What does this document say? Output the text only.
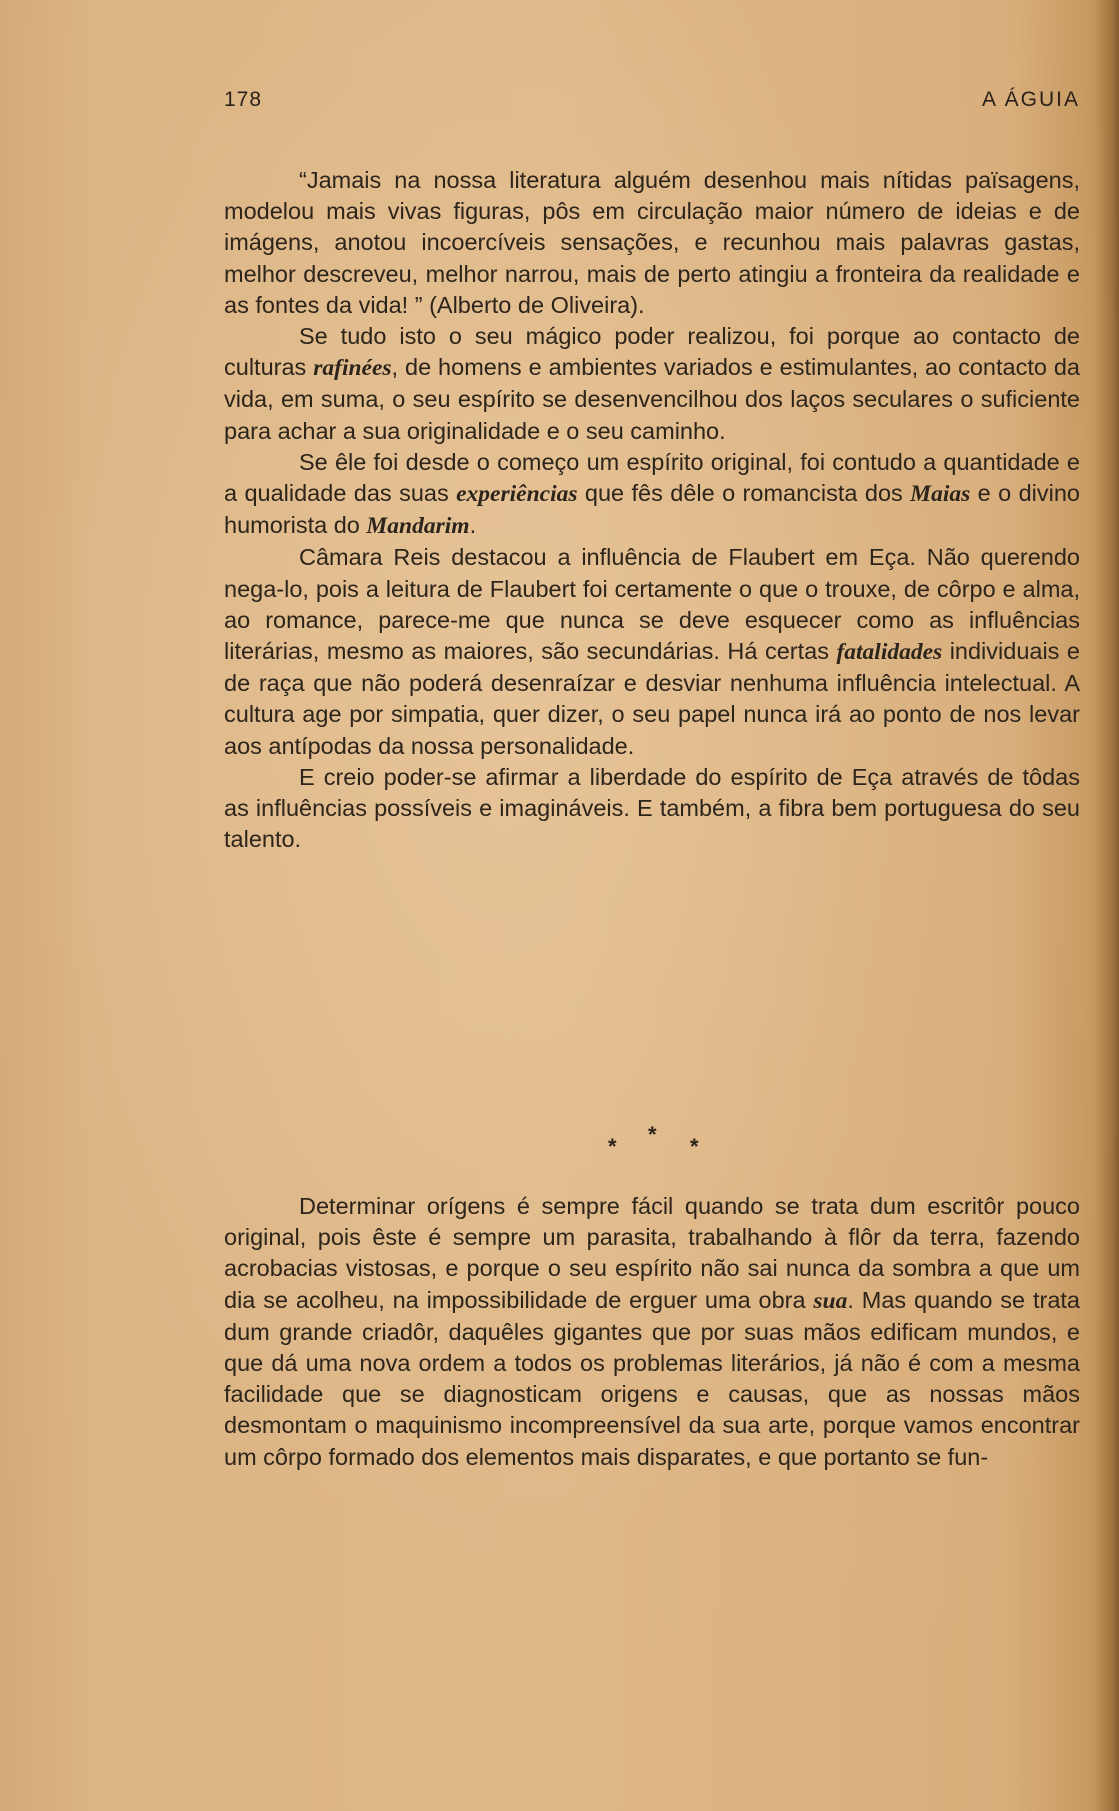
178	A ÁGUIA

“Jamais na nossa literatura alguém desenhou mais nítidas païsagens, modelou mais vivas figuras, pôs em circulação maior número de ideias e de imágens, anotou incoercíveis sensações, e recunhou mais palavras gastas, melhor descreveu, melhor narrou, mais de perto atingiu a fronteira da realidade e as fontes da vida! ” (Alberto de Oliveira).

Se tudo isto o seu mágico poder realizou, foi porque ao contacto de culturas rafinées, de homens e ambientes variados e estimulantes, ao contacto da vida, em suma, o seu espírito se desenvencilhou dos laços seculares o suficiente para achar a sua originalidade e o seu caminho.

Se êle foi desde o começo um espírito original, foi contudo a quantidade e a qualidade das suas experiências que fês dêle o romancista dos Maias e o divino humorista do Mandarim.

Câmara Reis destacou a influência de Flaubert em Eça. Não querendo nega-lo, pois a leitura de Flaubert foi certamente o que o trouxe, de côrpo e alma, ao romance, parece-me que nunca se deve esquecer como as influências literárias, mesmo as maiores, são secundárias. Há certas fatalidades individuais e de raça que não poderá desenraízar e desviar nenhuma influência intelectual. A cultura age por simpatia, quer dizer, o seu papel nunca irá ao ponto de nos levar aos antípodas da nossa personalidade.

E creio poder-se afirmar a liberdade do espírito de Eça através de tôdas as influências possíveis e imagináveis. E também, a fibra bem portuguesa do seu talento.

*
*	*

Determinar orígens é sempre fácil quando se trata dum escritôr pouco original, pois êste é sempre um parasita, trabalhando à flôr da terra, fazendo acrobacias vistosas, e porque o seu espírito não sai nunca da sombra a que um dia se acolheu, na impossibilidade de erguer uma obra sua. Mas quando se trata dum grande criadôr, daquêles gigantes que por suas mãos edificam mundos, e que dá uma nova ordem a todos os problemas literários, já não é com a mesma facilidade que se diagnosticam origens e causas, que as nossas mãos desmontam o maquinismo incompreensível da sua arte, porque vamos encontrar um côrpo formado dos elementos mais disparates, e que portanto se fun-
